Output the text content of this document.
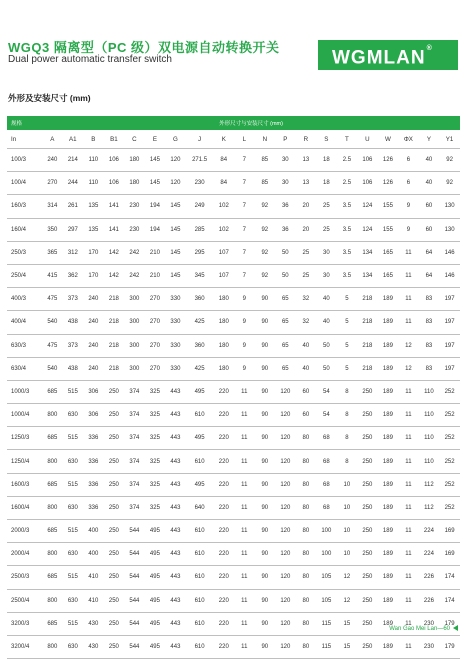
WGQ3 隔离型（PC 级）双电源自动转换开关
Dual power automatic transfer switch	WGMLAN®
外形及安装尺寸 (mm)
规格	外形尺寸与安装尺寸 (mm)																			
In	A	A1	B	B1	C	E	G	J	K	L	N	P	R	S	T	U	W	ΦX	Y	Y1
100/3	240	214	110	106	180	145	120	271.5	84	7	85	30	13	18	2.5	106	126	6	40	92
100/4	270	244	110	106	180	145	120	230	84	7	85	30	13	18	2.5	106	126	6	40	92
160/3	314	261	135	141	230	194	145	249	102	7	92	36	20	25	3.5	124	155	9	60	130
160/4	350	297	135	141	230	194	145	285	102	7	92	36	20	25	3.5	124	155	9	60	130
250/3	365	312	170	142	242	210	145	295	107	7	92	50	25	30	3.5	134	165	11	64	146
250/4	415	362	170	142	242	210	145	345	107	7	92	50	25	30	3.5	134	165	11	64	146
400/3	475	373	240	218	300	270	330	360	180	9	90	65	32	40	5	218	189	11	83	197
400/4	540	438	240	218	300	270	330	425	180	9	90	65	32	40	5	218	189	11	83	197
630/3	475	373	240	218	300	270	330	360	180	9	90	65	40	50	5	218	189	12	83	197
630/4	540	438	240	218	300	270	330	425	180	9	90	65	40	50	5	218	189	12	83	197
1000/3	685	515	306	250	374	325	443	495	220	11	90	120	60	54	8	250	189	11	110	252
1000/4	800	630	306	250	374	325	443	610	220	11	90	120	60	54	8	250	189	11	110	252
1250/3	685	515	336	250	374	325	443	495	220	11	90	120	80	68	8	250	189	11	110	252
1250/4	800	630	336	250	374	325	443	610	220	11	90	120	80	68	8	250	189	11	110	252
1600/3	685	515	336	250	374	325	443	495	220	11	90	120	80	68	10	250	189	11	112	252
1600/4	800	630	336	250	374	325	443	640	220	11	90	120	80	68	10	250	189	11	112	252
2000/3	685	515	400	250	544	495	443	610	220	11	90	120	80	100	10	250	189	11	224	169
2000/4	800	630	400	250	544	495	443	610	220	11	90	120	80	100	10	250	189	11	224	169
2500/3	685	515	410	250	544	495	443	610	220	11	90	120	80	105	12	250	189	11	226	174
2500/4	800	630	410	250	544	495	443	610	220	11	90	120	80	105	12	250	189	11	226	174
3200/3	685	515	430	250	544	495	443	610	220	11	90	120	80	115	15	250	189	11	230	179
3200/4	800	630	430	250	544	495	443	610	220	11	90	120	80	115	15	250	189	11	230	179
Wan Gao Mei Lan—60
